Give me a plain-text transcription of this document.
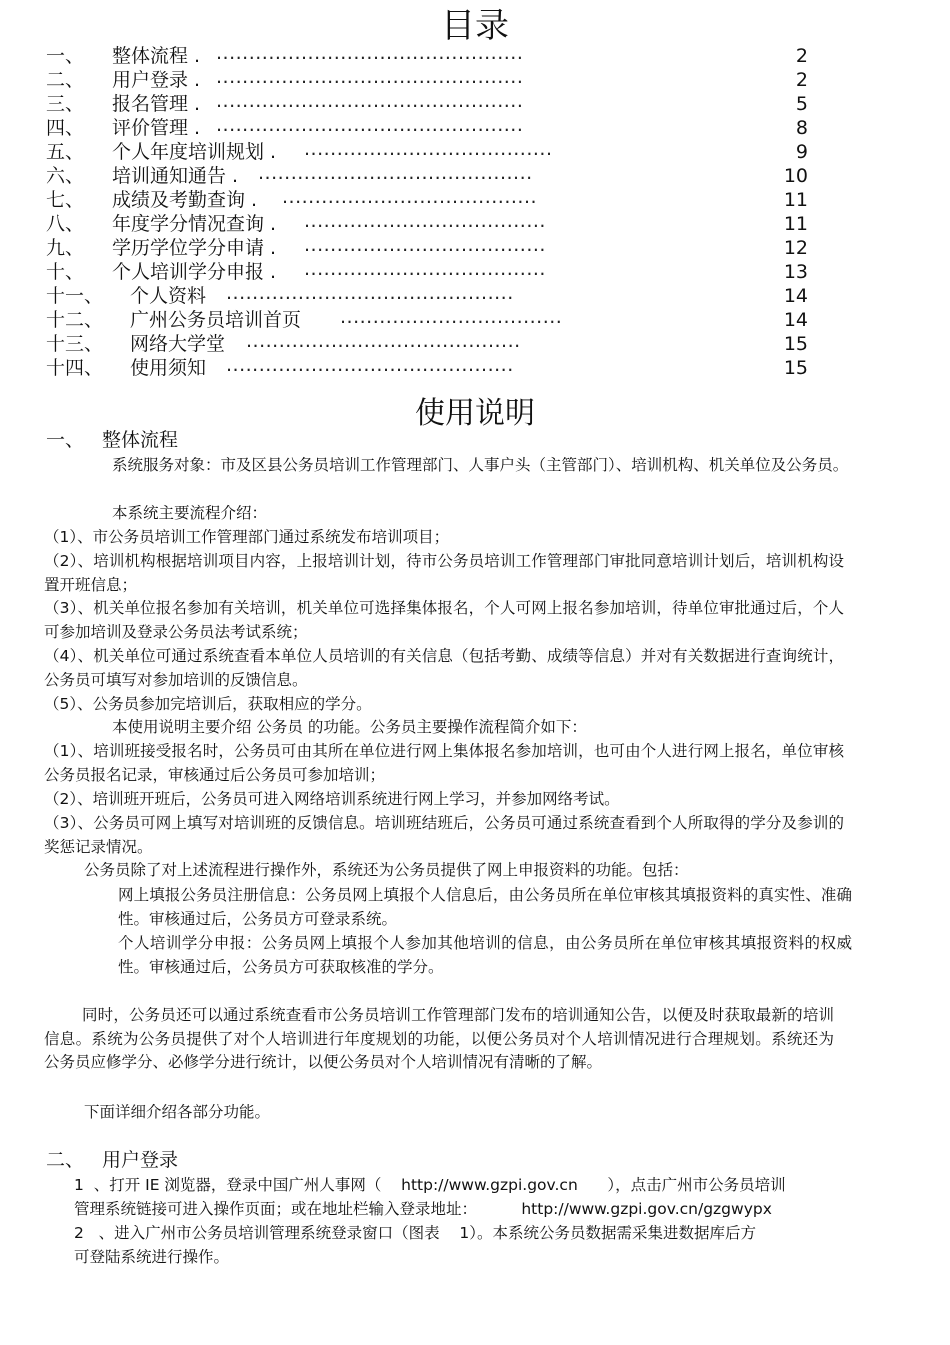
目录
一、 整体流程 . ...............................................	2
二、 用户登录 . ...............................................	2
三、 报名管理 . ...............................................	5
四、 评价管理 . ...............................................	8
五、 个人年度培训规划 . ......................................	9
六、 培训通知通告 . ..........................................	10
七、 成绩及考勤查询 . .......................................	11
八、 年度学分情况查询 . .....................................	11
九、 学历学位学分申请 . .....................................	12
十、 个人培训学分申报 . .....................................	13
十一、 个人资料 ............................................	14
十二、 广州公务员培训首页 ..................................	14
十三、 网络大学堂 ..........................................	15
十四、 使用须知 ............................................	15
使用说明
一、 整体流程
系统服务对象：市及区县公务员培训工作管理部门、人事户头（主管部门）、培训机构、机关单位及公务员。
本系统主要流程介绍：
（1）、市公务员培训工作管理部门通过系统发布培训项目；
（2）、培训机构根据培训项目内容，上报培训计划，待市公务员培训工作管理部门审批同意培训计划后，培训机构设置开班信息；
（3）、机关单位报名参加有关培训，机关单位可选择集体报名，个人可网上报名参加培训，待单位审批通过后，个人可参加培训及登录公务员法考试系统；
（4）、机关单位可通过系统查看本单位人员培训的有关信息（包括考勤、成绩等信息）并对有关数据进行查询统计，公务员可填写对参加培训的反馈信息。
（5）、公务员参加完培训后，获取相应的学分。
本使用说明主要介绍 公务员 的功能。公务员主要操作流程简介如下：
（1）、培训班接受报名时，公务员可由其所在单位进行网上集体报名参加培训，也可由个人进行网上报名，单位审核公务员报名记录，审核通过后公务员可参加培训；
（2）、培训班开班后，公务员可进入网络培训系统进行网上学习，并参加网络考试。
（3）、公务员可网上填写对培训班的反馈信息。培训班结班后，公务员可通过系统查看到个人所取得的学分及参训的奖惩记录情况。
公务员除了对上述流程进行操作外，系统还为公务员提供了网上申报资料的功能。包括：
网上填报公务员注册信息：公务员网上填报个人信息后，由公务员所在单位审核其填报资料的真实性、准确性。审核通过后，公务员方可登录系统。
个人培训学分申报：公务员网上填报个人参加其他培训的信息，由公务员所在单位审核其填报资料的权威性。审核通过后，公务员方可获取核准的学分。
同时，公务员还可以通过系统查看市公务员培训工作管理部门发布的培训通知公告，以便及时获取最新的培训信息。系统为公务员提供了对个人培训进行年度规划的功能，以便公务员对个人培训情况进行合理规划。系统还为公务员应修学分、必修学分进行统计，以便公务员对个人培训情况有清晰的了解。
下面详细介绍各部分功能。
二、 用户登录
1  、打开 IE 浏览器，登录中国广州人事网（    http://www.gzpi.gov.cn      ），点击广州市公务员培训
管理系统链接可进入操作页面；或在地址栏输入登录地址：         http://www.gzpi.gov.cn/gzgwypx
2   、进入广州市公务员培训管理系统登录窗口（图表    1）。本系统公务员数据需采集进数据库后方
可登陆系统进行操作。
